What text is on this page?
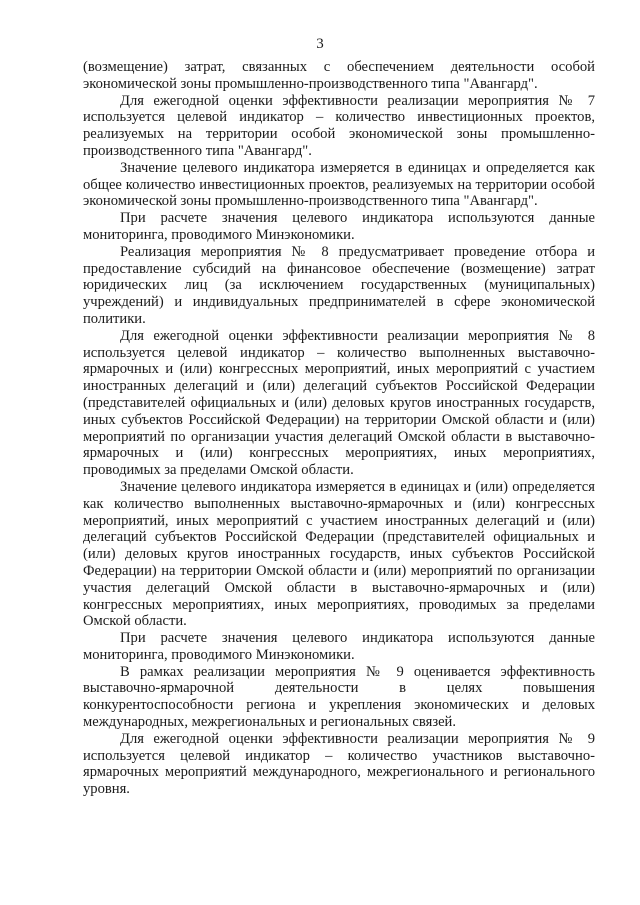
3

(возмещение) затрат, связанных с обеспечением деятельности особой экономической зоны промышленно-производственного типа "Авангард".

Для ежегодной оценки эффективности реализации мероприятия № 7 используется целевой индикатор – количество инвестиционных проектов, реализуемых на территории особой экономической зоны промышленно-производственного типа "Авангард".

Значение целевого индикатора измеряется в единицах и определяется как общее количество инвестиционных проектов, реализуемых на территории особой экономической зоны промышленно-производственного типа "Авангард".

При расчете значения целевого индикатора используются данные мониторинга, проводимого Минэкономики.

Реализация мероприятия № 8 предусматривает проведение отбора и предоставление субсидий на финансовое обеспечение (возмещение) затрат юридических лиц (за исключением государственных (муниципальных) учреждений) и индивидуальных предпринимателей в сфере экономической политики.

Для ежегодной оценки эффективности реализации мероприятия № 8 используется целевой индикатор – количество выполненных выставочно-ярмарочных и (или) конгрессных мероприятий, иных мероприятий с участием иностранных делегаций и (или) делегаций субъектов Российской Федерации (представителей официальных и (или) деловых кругов иностранных государств, иных субъектов Российской Федерации) на территории Омской области и (или) мероприятий по организации участия делегаций Омской области в выставочно-ярмарочных и (или) конгрессных мероприятиях, иных мероприятиях, проводимых за пределами Омской области.

Значение целевого индикатора измеряется в единицах и (или) определяется как количество выполненных выставочно-ярмарочных и (или) конгрессных мероприятий, иных мероприятий с участием иностранных делегаций и (или) делегаций субъектов Российской Федерации (представителей официальных и (или) деловых кругов иностранных государств, иных субъектов Российской Федерации) на территории Омской области и (или) мероприятий по организации участия делегаций Омской области в выставочно-ярмарочных и (или) конгрессных мероприятиях, иных мероприятиях, проводимых за пределами Омской области.

При расчете значения целевого индикатора используются данные мониторинга, проводимого Минэкономики.

В рамках реализации мероприятия № 9 оценивается эффективность выставочно-ярмарочной деятельности в целях повышения конкурентоспособности региона и укрепления экономических и деловых международных, межрегиональных и региональных связей.

Для ежегодной оценки эффективности реализации мероприятия № 9 используется целевой индикатор – количество участников выставочно-ярмарочных мероприятий международного, межрегионального и регионального уровня.
